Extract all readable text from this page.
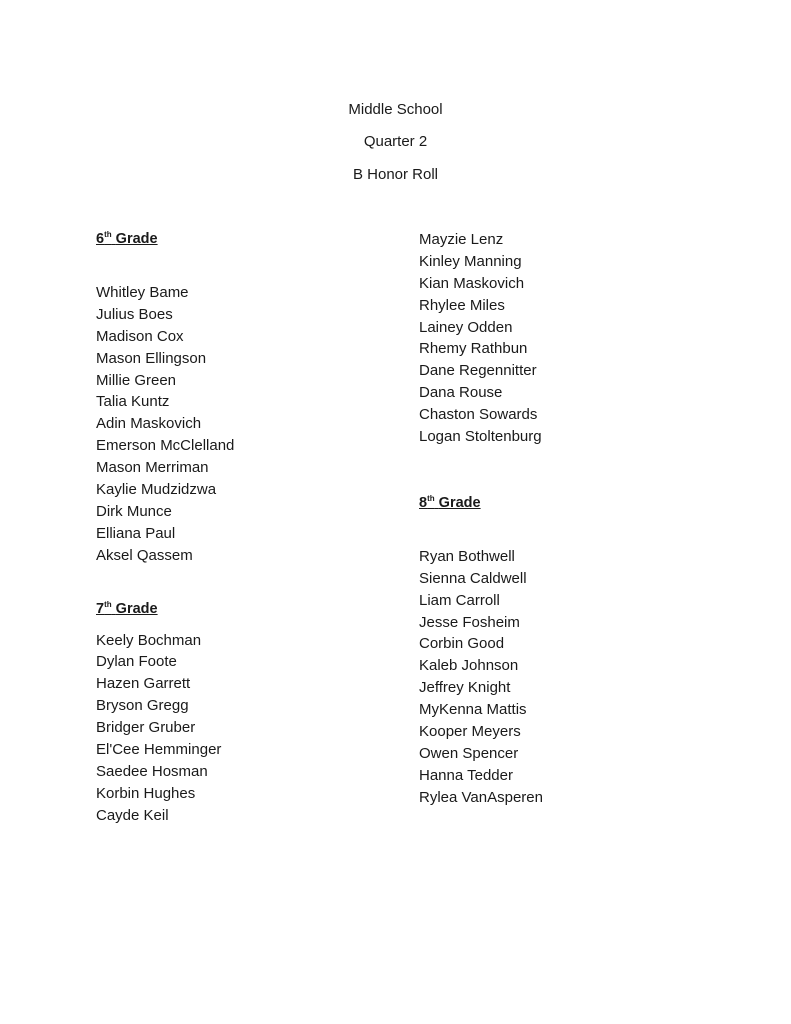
Middle School
Quarter 2
B Honor Roll
6th Grade
Whitley Bame
Julius Boes
Madison Cox
Mason Ellingson
Millie Green
Talia Kuntz
Adin Maskovich
Emerson McClelland
Mason Merriman
Kaylie Mudzidzwa
Dirk Munce
Elliana Paul
Aksel Qassem
7th Grade
Keely Bochman
Dylan Foote
Hazen Garrett
Bryson Gregg
Bridger Gruber
El'Cee Hemminger
Saedee Hosman
Korbin Hughes
Cayde Keil
Mayzie Lenz
Kinley Manning
Kian Maskovich
Rhylee Miles
Lainey Odden
Rhemy Rathbun
Dane Regennitter
Dana Rouse
Chaston Sowards
Logan Stoltenburg
8th Grade
Ryan Bothwell
Sienna Caldwell
Liam Carroll
Jesse Fosheim
Corbin Good
Kaleb Johnson
Jeffrey Knight
MyKenna Mattis
Kooper Meyers
Owen Spencer
Hanna Tedder
Rylea VanAsperen
